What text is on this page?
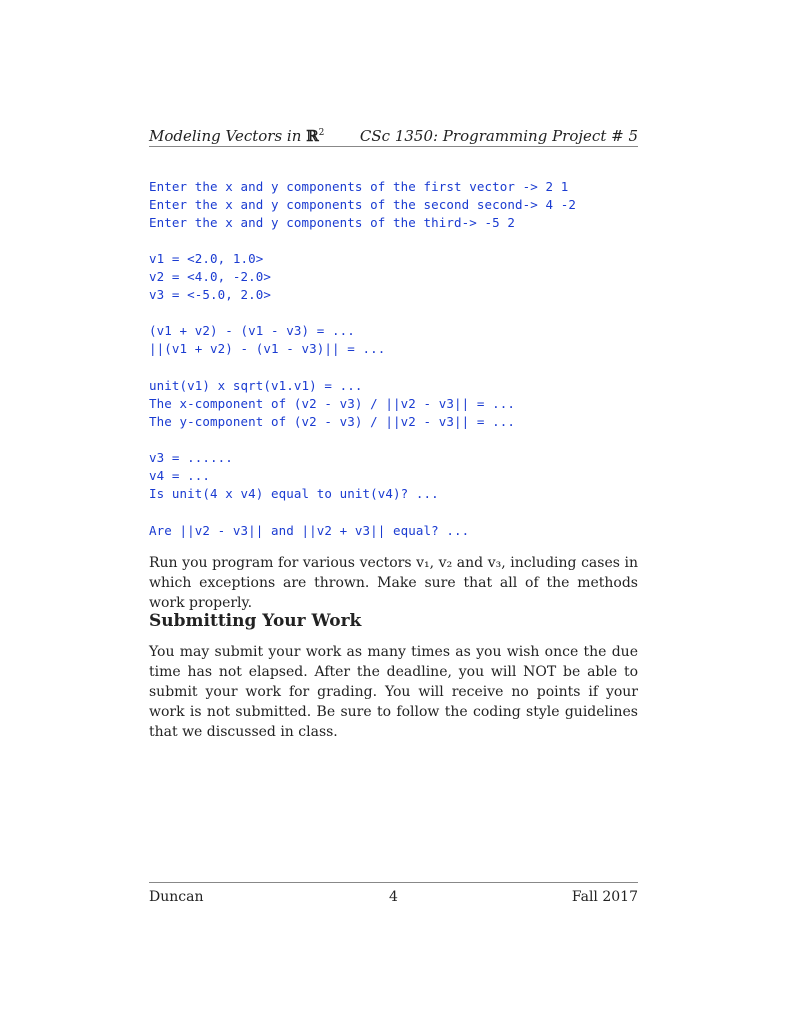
Modeling Vectors in ℝ$^2$ CSc 1350: Programming Project # 5
Enter the x and y components of the first vector -> 2 1
Enter the x and y components of the second second-> 4 -2
Enter the x and y components of the third-> -5 2
v1 = <2.0, 1.0>
v2 = <4.0, -2.0>
v3 = <-5.0, 2.0>
(v1 + v2) - (v1 - v3) = ...
||(v1 + v2) - (v1 - v3)|| = ...
unit(v1) x sqrt(v1.v1) = ...
The x-component of (v2 - v3) / ||v2 - v3|| = ...
The y-component of (v2 - v3) / ||v2 - v3|| = ...
v3 = ......
v4 = ...
Is unit(4 x v4) equal to unit(v4)? ...
Are ||v2 - v3|| and ||v2 + v3|| equal? ...
Run you program for various vectors v₁, v₂ and v₃, including cases in which exceptions are thrown. Make sure that all of the methods work properly.
Submitting Your Work
You may submit your work as many times as you wish once the due time has not elapsed. After the deadline, you will NOT be able to submit your work for grading. You will receive no points if your work is not submitted. Be sure to follow the coding style guidelines that we discussed in class.
Duncan	4	Fall 2017
